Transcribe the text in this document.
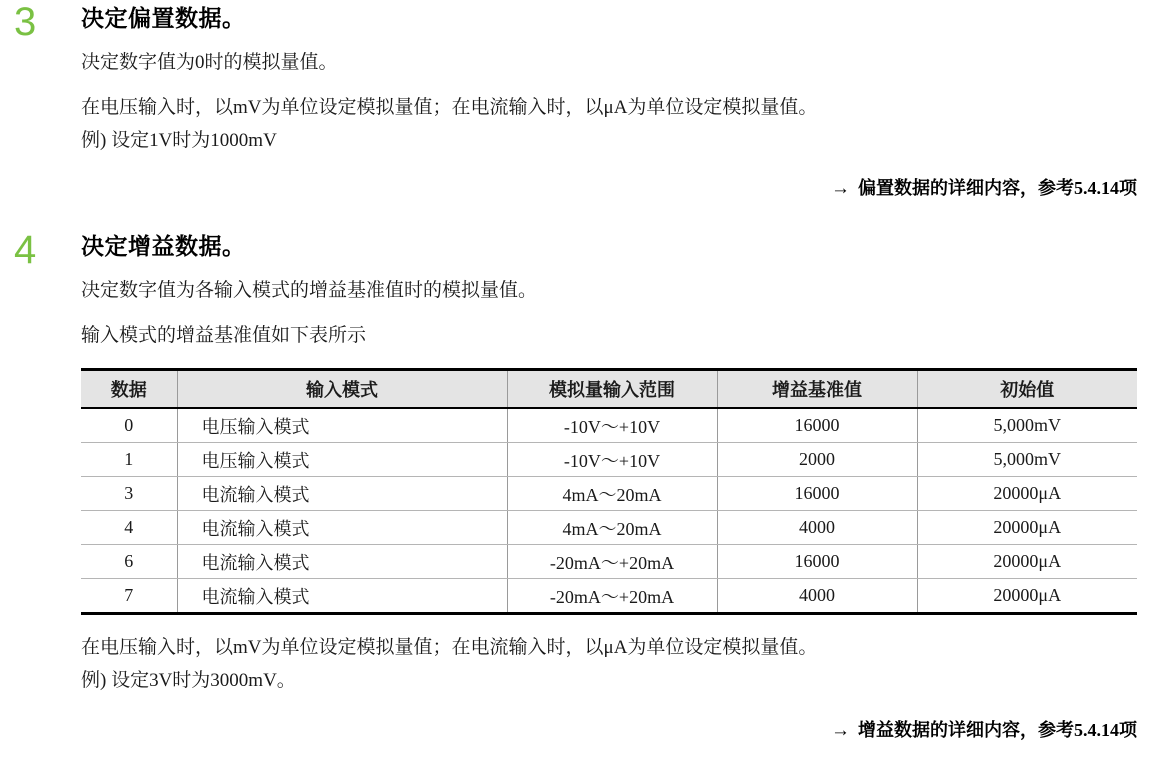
3	决定偏置数据。

决定数字值为0时的模拟量值。

在电压输入时，以mV为单位设定模拟量值；在电流输入时，以μA为单位设定模拟量值。

例) 设定1V时为1000mV

→ 偏置数据的详细内容，参考5.4.14项
4	决定增益数据。

决定数字值为各输入模式的增益基准值时的模拟量值。

输入模式的增益基准值如下表所示

数据	输入模式	模拟量输入范围	增益基准值	初始值
0	电压输入模式	-10V～+10V	16000	5,000mV
1	电压输入模式	-10V～+10V	2000	5,000mV
3	电流输入模式	4mA～20mA	16000	20000μA
4	电流输入模式	4mA～20mA	4000	20000μA
6	电流输入模式	-20mA～+20mA	16000	20000μA
7	电流输入模式	-20mA～+20mA	4000	20000μA

在电压输入时，以mV为单位设定模拟量值；在电流输入时，以μA为单位设定模拟量值。

例) 设定3V时为3000mV。

→ 增益数据的详细内容，参考5.4.14项
